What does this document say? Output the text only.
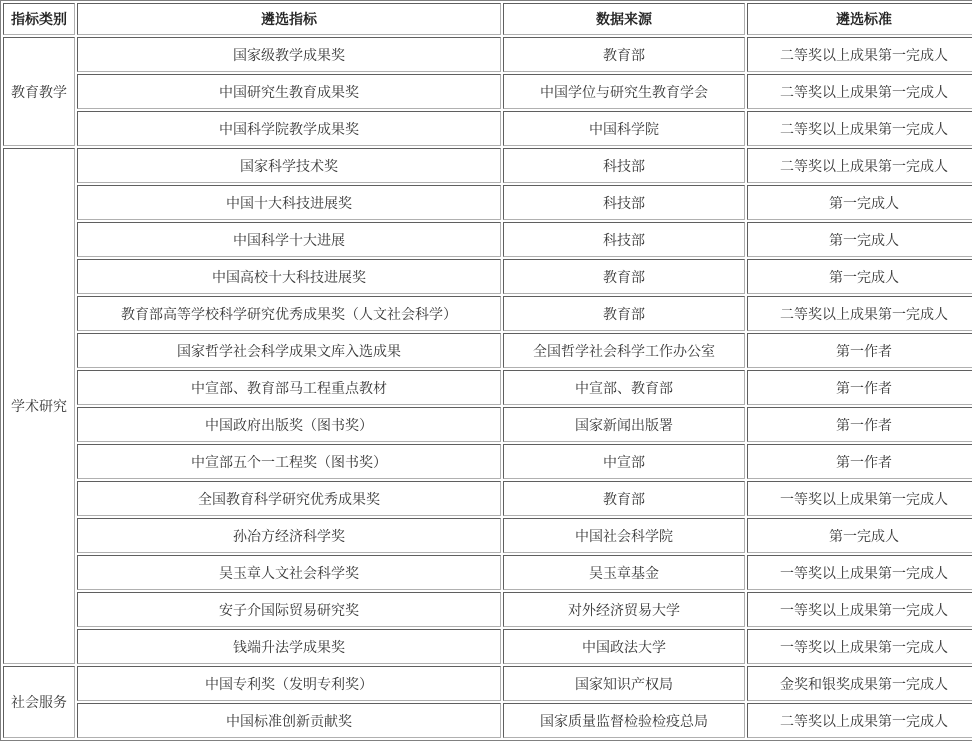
指标类别	遴选指标	数据来源	遴选标准
教育教学	国家级教学成果奖	教育部	二等奖以上成果第一完成人
	中国研究生教育成果奖	中国学位与研究生教育学会	二等奖以上成果第一完成人
	中国科学院教学成果奖	中国科学院	二等奖以上成果第一完成人
学术研究	国家科学技术奖	科技部	二等奖以上成果第一完成人
	中国十大科技进展奖	科技部	第一完成人
	中国科学十大进展	科技部	第一完成人
	中国高校十大科技进展奖	教育部	第一完成人
	教育部高等学校科学研究优秀成果奖（人文社会科学）	教育部	二等奖以上成果第一完成人
	国家哲学社会科学成果文库入选成果	全国哲学社会科学工作办公室	第一作者
	中宣部、教育部马工程重点教材	中宣部、教育部	第一作者
	中国政府出版奖（图书奖）	国家新闻出版署	第一作者
	中宣部五个一工程奖（图书奖）	中宣部	第一作者
	全国教育科学研究优秀成果奖	教育部	一等奖以上成果第一完成人
	孙冶方经济科学奖	中国社会科学院	第一完成人
	吴玉章人文社会科学奖	吴玉章基金	一等奖以上成果第一完成人
	安子介国际贸易研究奖	对外经济贸易大学	一等奖以上成果第一完成人
	钱端升法学成果奖	中国政法大学	一等奖以上成果第一完成人
社会服务	中国专利奖（发明专利奖）	国家知识产权局	金奖和银奖成果第一完成人
	中国标准创新贡献奖	国家质量监督检验检疫总局	二等奖以上成果第一完成人
